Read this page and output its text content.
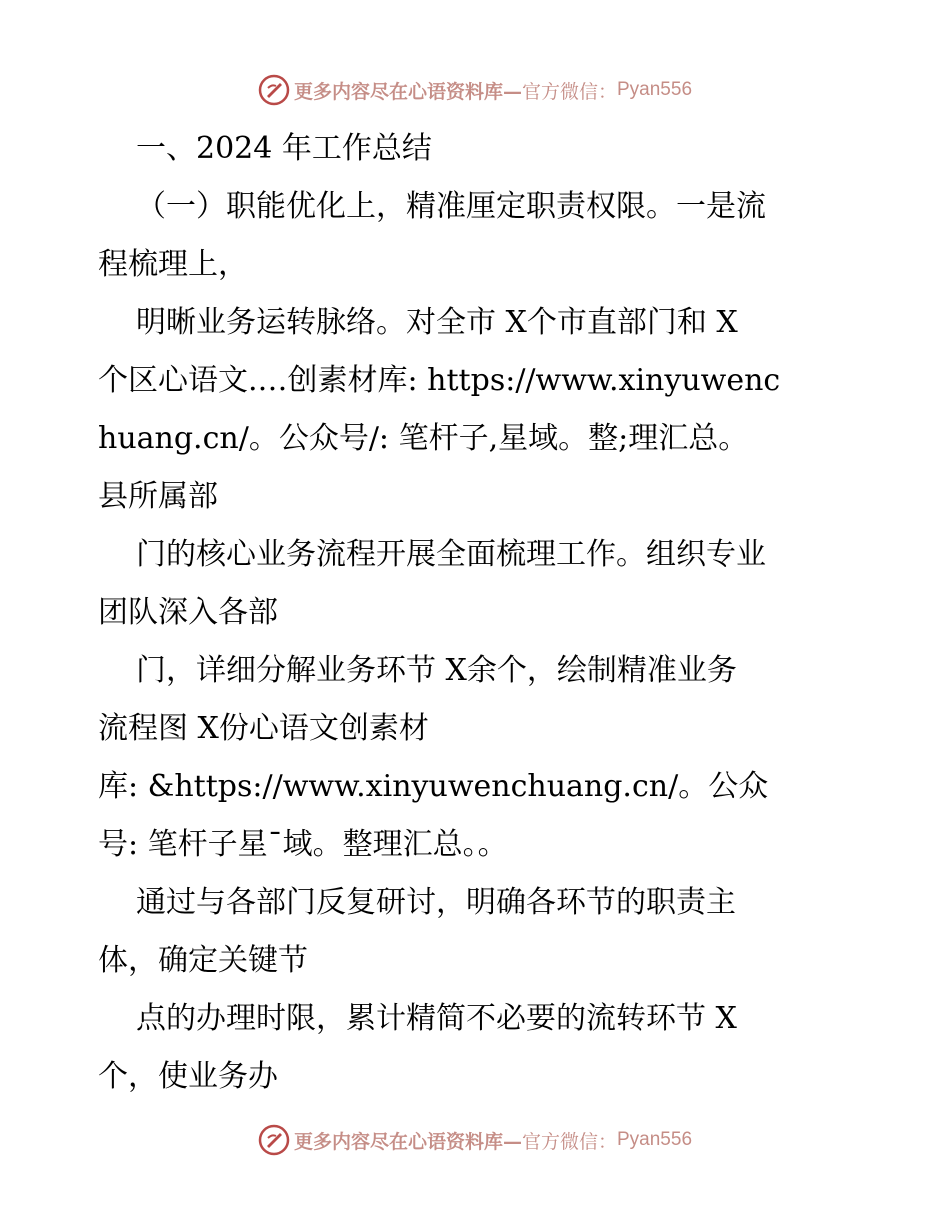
更多内容尽在心语资料库— 官方微信： Pyan556
一、2024 年工作总结
（一）职能优化上，精准厘定职责权限。一是流
程梳理上，
明晰业务运转脉络。对全市 X个市直部门和 X
个区心语文.…创素材库: https://www.xinyuwenc
huang.cn/。公众号/: 笔杆子,星域。整;理汇总。
县所属部
门的核心业务流程开展全面梳理工作。组织专业
团队深入各部
门，详细分解业务环节 X余个，绘制精准业务
流程图 X份心语文创素材
库: &https://www.xinyuwenchuang.cn/。公众
号: 笔杆子星¯域。整理汇总。。
通过与各部门反复研讨，明确各环节的职责主
体，确定关键节
点的办理时限，累计精简不必要的流转环节 X
个，使业务办
更多内容尽在心语资料库— 官方微信： Pyan556
